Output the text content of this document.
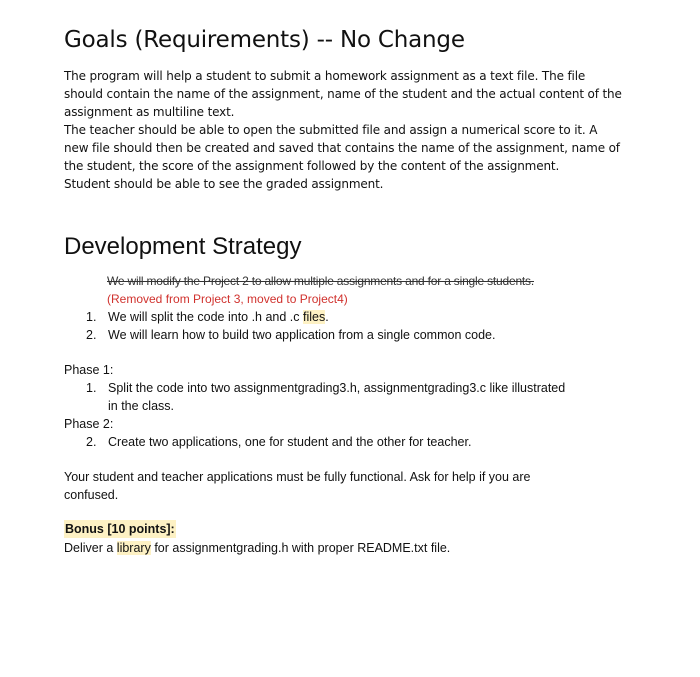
Goals (Requirements) -- No Change

The program will help a student to submit a homework assignment as a text file. The file should contain the name of the assignment, name of the student and the actual content of the assignment as multiline text.

The teacher should be able to open the submitted file and assign a numerical score to it. A new file should then be created and saved that contains the name of the assignment, name of the student, the score of the assignment followed by the content of the assignment.

Student should be able to see the graded assignment.

Development Strategy
We will modify the Project 2 to allow multiple assignments and for a single students.
(Removed from Project 3, moved to Project4)
1. We will split the code into .h and .c files.
2. We will learn how to build two application from a single common code.
Phase 1:
1. Split the code into two assignmentgrading3.h, assignmentgrading3.c like illustrated
in the class.
Phase 2:
2. Create two applications, one for student and the other for teacher.
Your student and teacher applications must be fully functional. Ask for help if you are
confused.
Bonus [10 points]:
Deliver a library for assignmentgrading.h with proper README.txt file.
